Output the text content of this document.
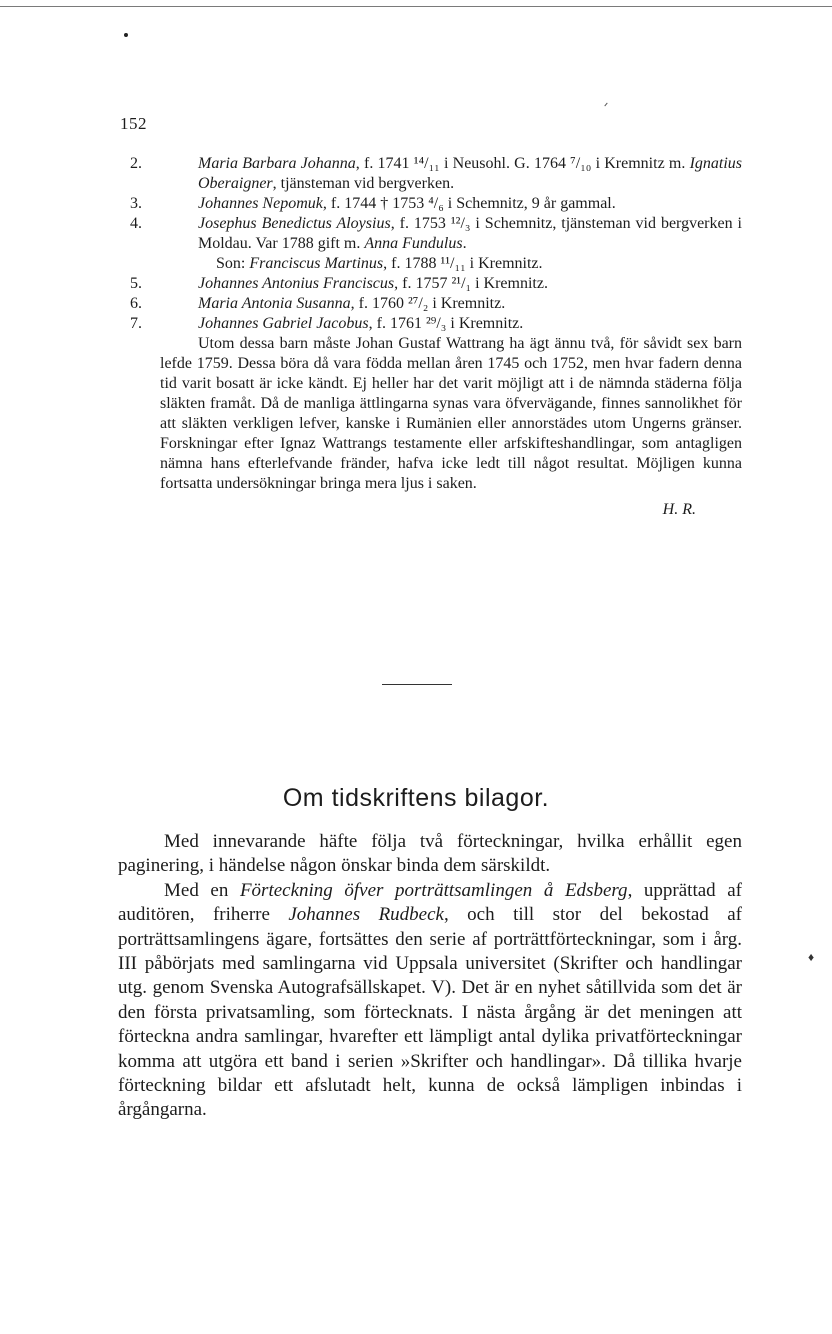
♦
152
2.	Maria Barbara Johanna, f. 1741 ¹⁴/₁₁ i Neusohl. G. 1764 ⁷/₁₀ i Kremnitz m. Ignatius Oberaigner, tjänsteman vid bergverken.
3.	Johannes Nepomuk, f. 1744 † 1753 ⁴/₆ i Schemnitz, 9 år gammal.
4.	Josephus Benedictus Aloysius, f. 1753 ¹²/₃ i Schemnitz, tjänsteman vid bergverken i Moldau. Var 1788 gift m. Anna Fundulus.
Son: Franciscus Martinus, f. 1788 ¹¹/₁₁ i Kremnitz.
5.	Johannes Antonius Franciscus, f. 1757 ²¹/₁ i Kremnitz.
6.	Maria Antonia Susanna, f. 1760 ²⁷/₂ i Kremnitz.
7.	Johannes Gabriel Jacobus, f. 1761 ²⁹/₃ i Kremnitz.
Utom dessa barn måste Johan Gustaf Wattrang ha ägt ännu två, för såvidt sex barn lefde 1759. Dessa böra då vara födda mellan åren 1745 och 1752, men hvar fadern denna tid varit bosatt är icke kändt. Ej heller har det varit möjligt att i de nämnda städerna följa släkten framåt. Då de manliga ättlingarna synas vara öfvervägande, finnes sannolikhet för att släkten verkligen lefver, kanske i Rumänien eller annorstädes utom Ungerns gränser. Forskningar efter Ignaz Wattrangs testamente eller arfskifteshandlingar, som antagligen nämna hans efterlefvande fränder, hafva icke ledt till något resultat. Möjligen kunna fortsatta undersökningar bringa mera ljus i saken.
H. R.
Om tidskriftens bilagor.

Med innevarande häfte följa två förteckningar, hvilka erhållit egen paginering, i händelse någon önskar binda dem särskildt.

Med en Förteckning öfver porträttsamlingen å Edsberg, upprättad af auditören, friherre Johannes Rudbeck, och till stor del bekostad af porträttsamlingens ägare, fortsättes den serie af porträttförteckningar, som i årg. III påbörjats med samlingarna vid Uppsala universitet (Skrifter och handlingar utg. genom Svenska Autografsällskapet. V). Det är en nyhet såtillvida som det är den första privatsamling, som förtecknats. I nästa årgång är det meningen att förteckna andra samlingar, hvarefter ett lämpligt antal dylika privatförteckningar komma att utgöra ett band i serien »Skrifter och handlingar». Då tillika hvarje förteckning bildar ett afslutadt helt, kunna de också lämpligen inbindas i årgångarna.
